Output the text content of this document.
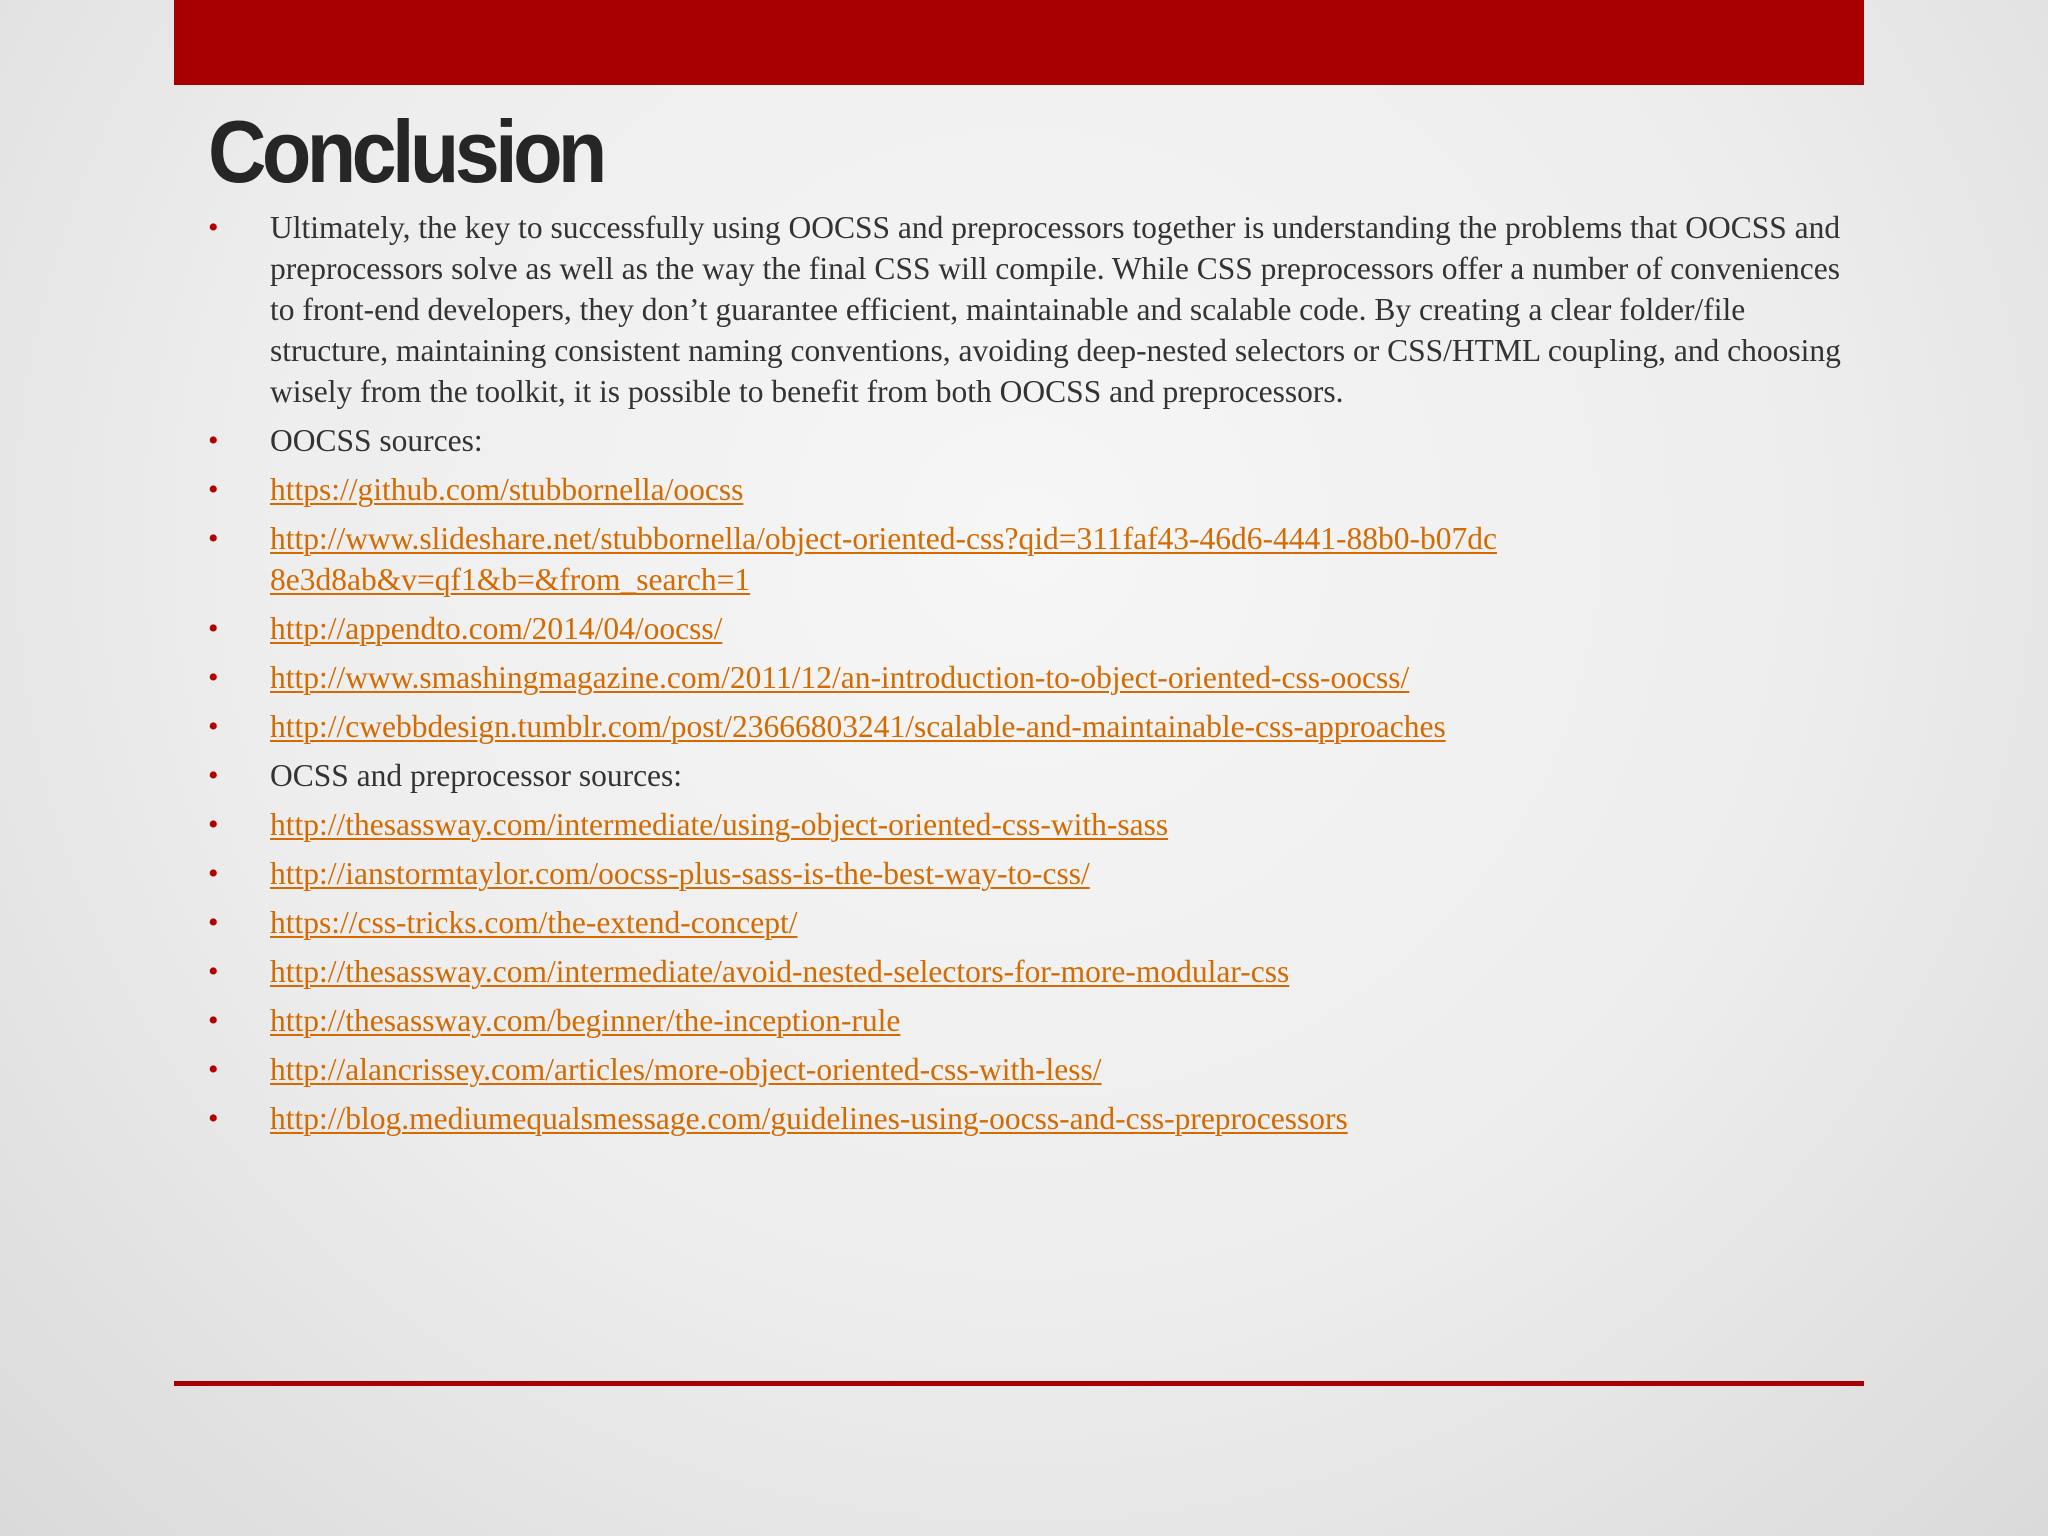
Conclusion
• Ultimately, the key to successfully using OOCSS and preprocessors together is understanding the problems that OOCSS and preprocessors solve as well as the way the final CSS will compile. While CSS preprocessors offer a number of conveniences to front-end developers, they don’t guarantee efficient, maintainable and scalable code. By creating a clear folder/file structure, maintaining consistent naming conventions, avoiding deep-nested selectors or CSS/HTML coupling, and choosing wisely from the toolkit, it is possible to benefit from both OOCSS and preprocessors.
• OOCSS sources:
• https://github.com/stubbornella/oocss
• http://www.slideshare.net/stubbornella/object-oriented-css?qid=311faf43-46d6-4441-88b0-b07dc8e3d8ab&v=qf1&b=&from_search=1
• http://appendto.com/2014/04/oocss/
• http://www.smashingmagazine.com/2011/12/an-introduction-to-object-oriented-css-oocss/
• http://cwebbdesign.tumblr.com/post/23666803241/scalable-and-maintainable-css-approaches
• OCSS and preprocessor sources:
• http://thesassway.com/intermediate/using-object-oriented-css-with-sass
• http://ianstormtaylor.com/oocss-plus-sass-is-the-best-way-to-css/
• https://css-tricks.com/the-extend-concept/
• http://thesassway.com/intermediate/avoid-nested-selectors-for-more-modular-css
• http://thesassway.com/beginner/the-inception-rule
• http://alancrissey.com/articles/more-object-oriented-css-with-less/
• http://blog.mediumequalsmessage.com/guidelines-using-oocss-and-css-preprocessors
